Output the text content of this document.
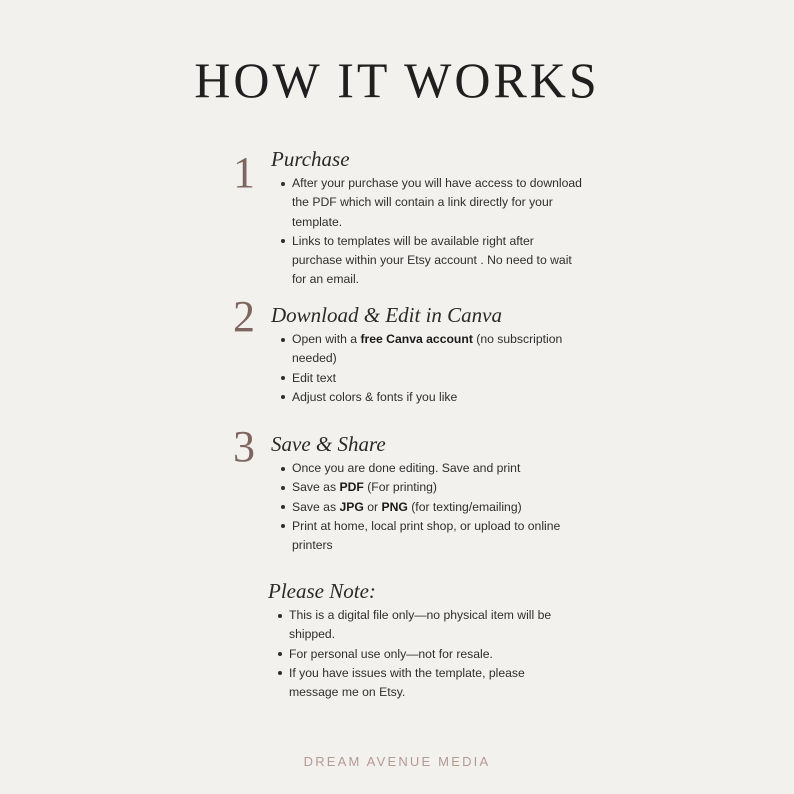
HOW IT WORKS
1 Purchase
After your purchase you will have access to download the PDF which will contain a link directly for your template.
Links to templates will be available right after purchase within your Etsy account . No need to wait for an email.
2 Download & Edit in Canva
Open with a free Canva account (no subscription needed)
Edit text
Adjust colors & fonts if you like
3 Save & Share
Once you are done editing. Save and print
Save as PDF (For printing)
Save as JPG or PNG (for texting/emailing)
Print at home, local print shop, or upload to online printers
Please Note:
This is a digital file only—no physical item will be shipped.
For personal use only—not for resale.
If you have issues with the template, please message me on Etsy.
DREAM AVENUE MEDIA
